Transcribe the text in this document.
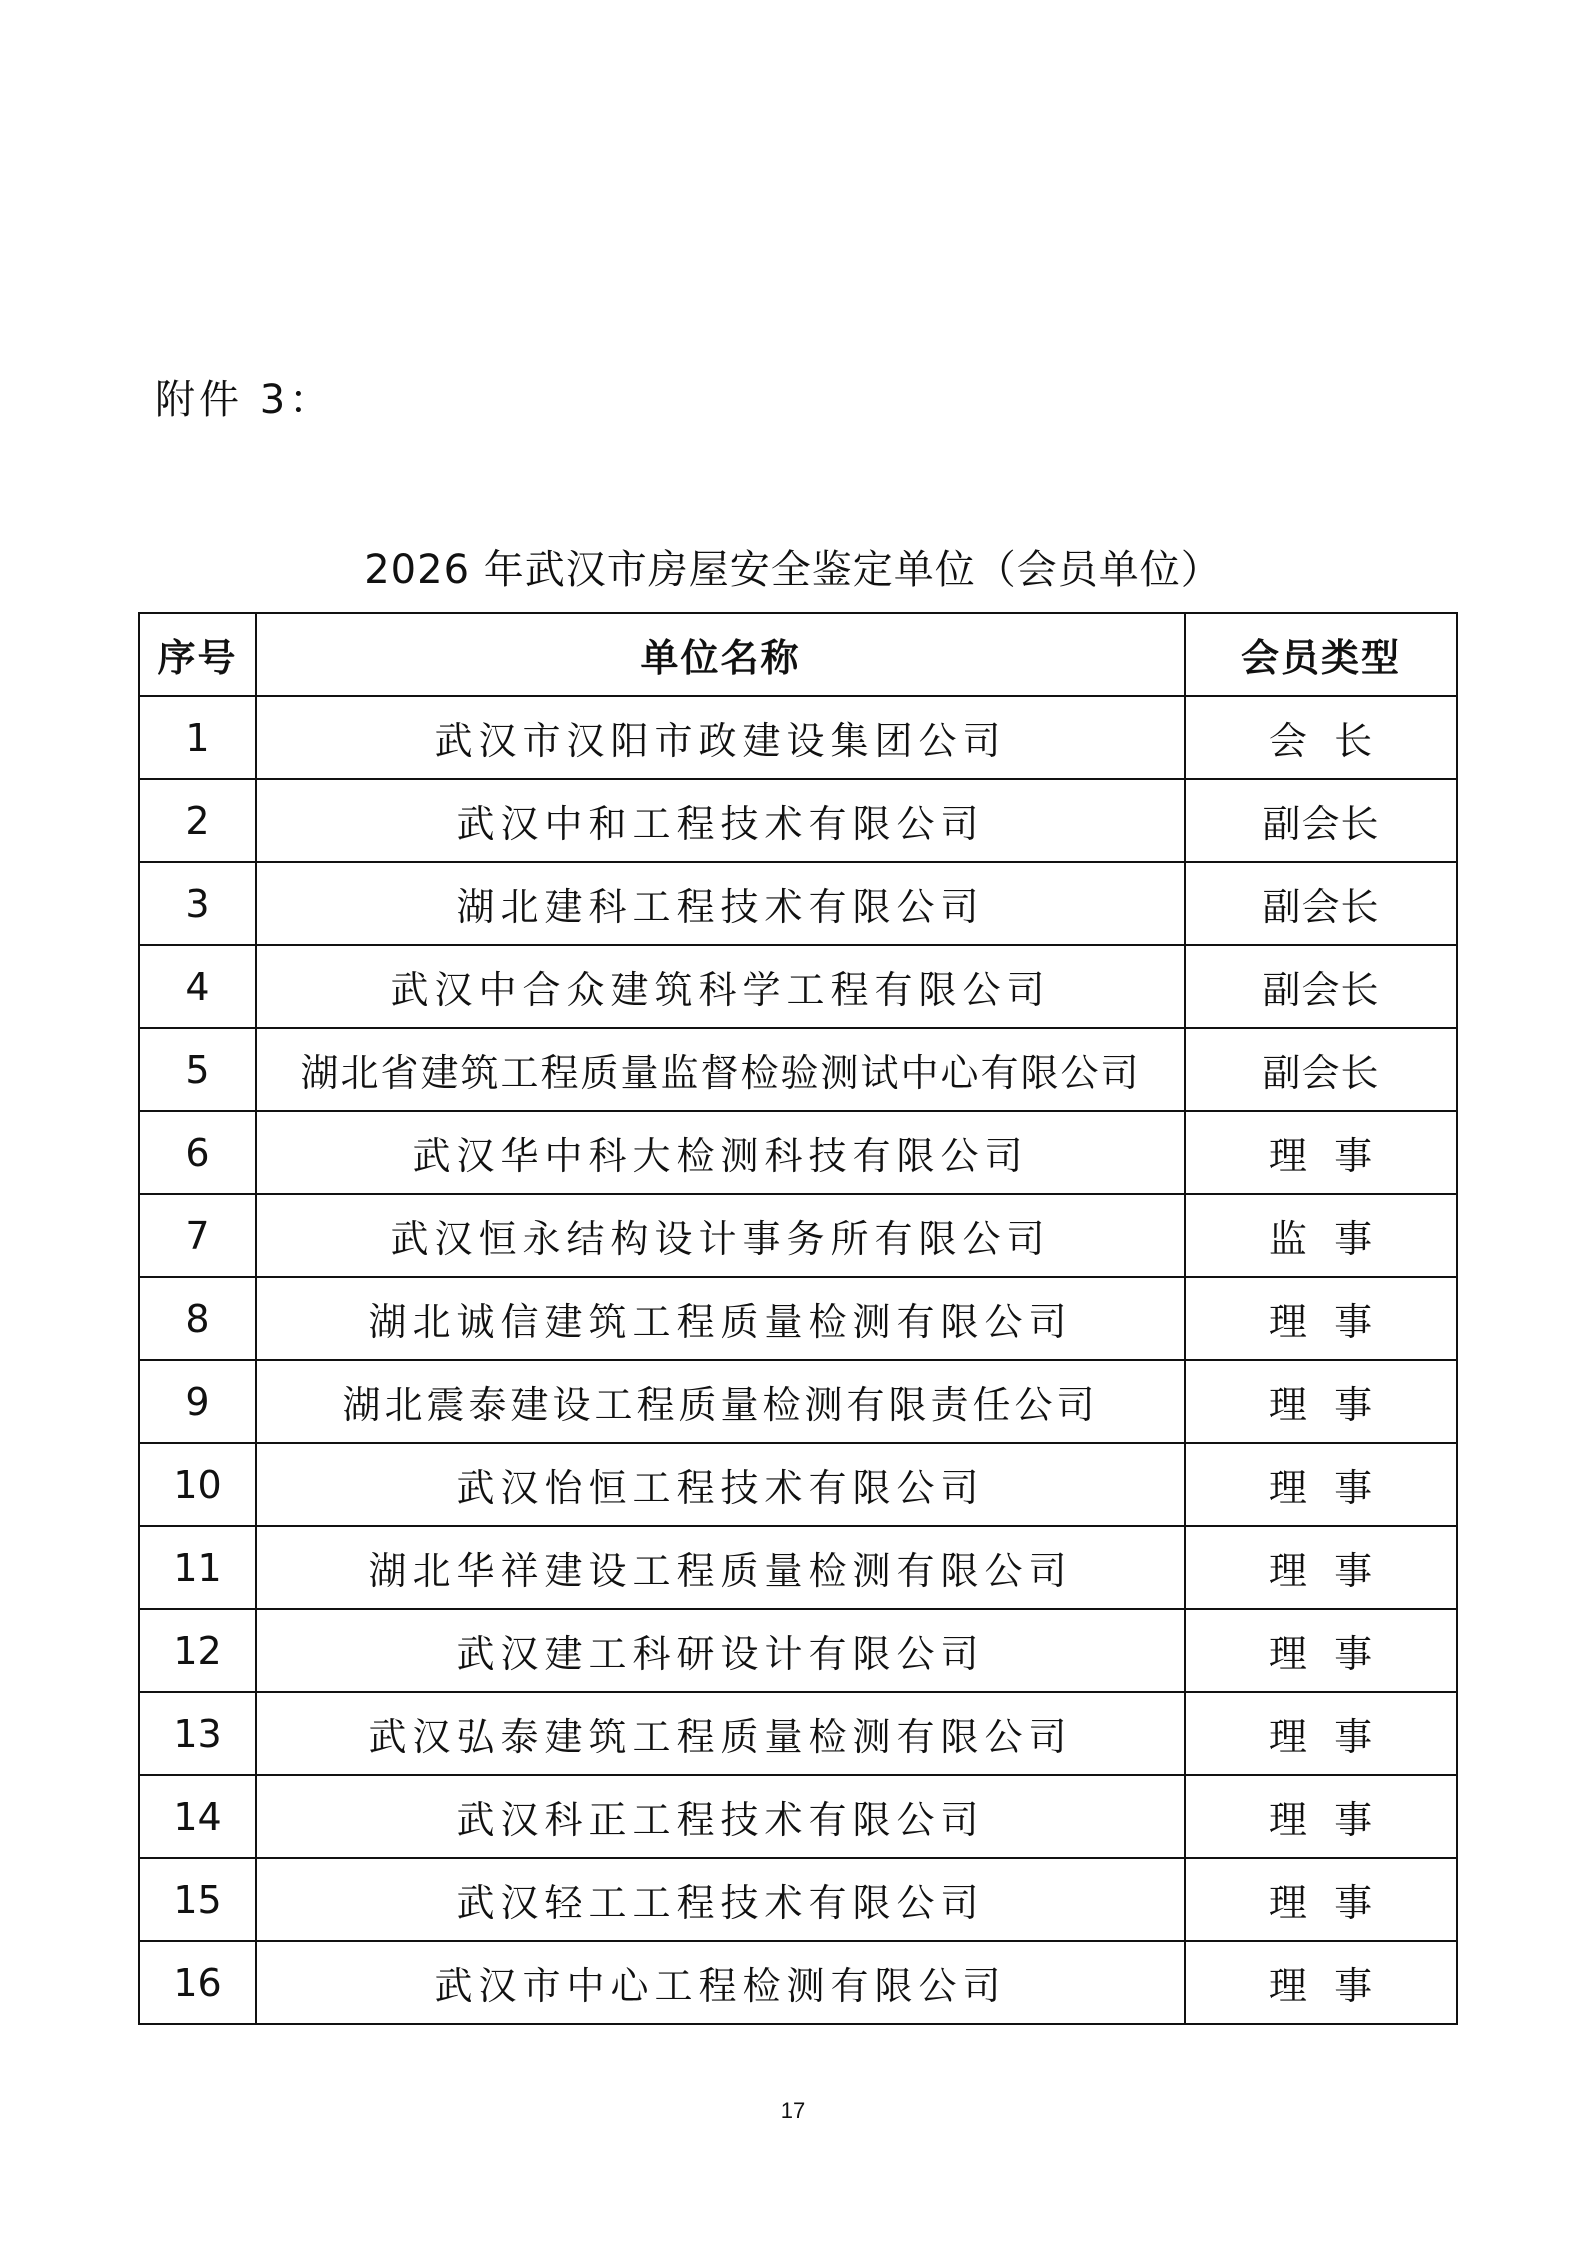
附件 3：
2026 年武汉市房屋安全鉴定单位（会员单位）
序号	单位名称	会员类型
1	武汉市汉阳市政建设集团公司	会  长
2	武汉中和工程技术有限公司	副会长
3	湖北建科工程技术有限公司	副会长
4	武汉中合众建筑科学工程有限公司	副会长
5	湖北省建筑工程质量监督检验测试中心有限公司	副会长
6	武汉华中科大检测科技有限公司	理  事
7	武汉恒永结构设计事务所有限公司	监  事
8	湖北诚信建筑工程质量检测有限公司	理  事
9	湖北震泰建设工程质量检测有限责任公司	理  事
10	武汉怡恒工程技术有限公司	理  事
11	湖北华祥建设工程质量检测有限公司	理  事
12	武汉建工科研设计有限公司	理  事
13	武汉弘泰建筑工程质量检测有限公司	理  事
14	武汉科正工程技术有限公司	理  事
15	武汉轻工工程技术有限公司	理  事
16	武汉市中心工程检测有限公司	理  事
17
